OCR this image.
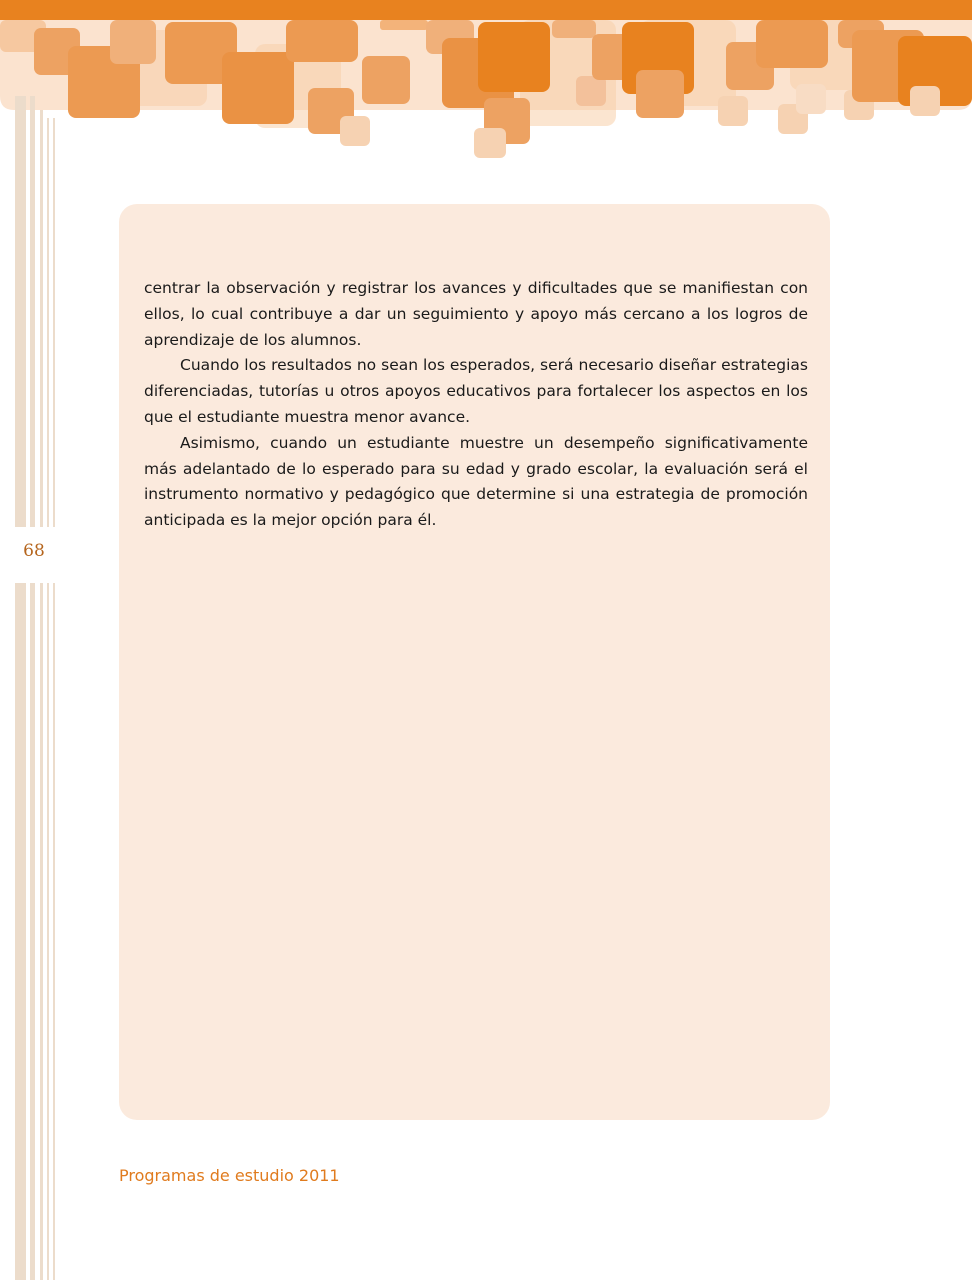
68

centrar la observación y registrar los avances y dificultades que se manifiestan con ellos, lo cual contribuye a dar un seguimiento y apoyo más cercano a los logros de aprendizaje de los alumnos.

Cuando los resultados no sean los esperados, será necesario diseñar estrategias diferenciadas, tutorías u otros apoyos educativos para fortalecer los aspectos en los que el estudiante muestra menor avance.

Asimismo, cuando un estudiante muestre un desempeño significativamente más adelantado de lo esperado para su edad y grado escolar, la evaluación será el instrumento normativo y pedagógico que determine si una estrategia de promoción anticipada es la mejor opción para él.

Programas de estudio 2011
